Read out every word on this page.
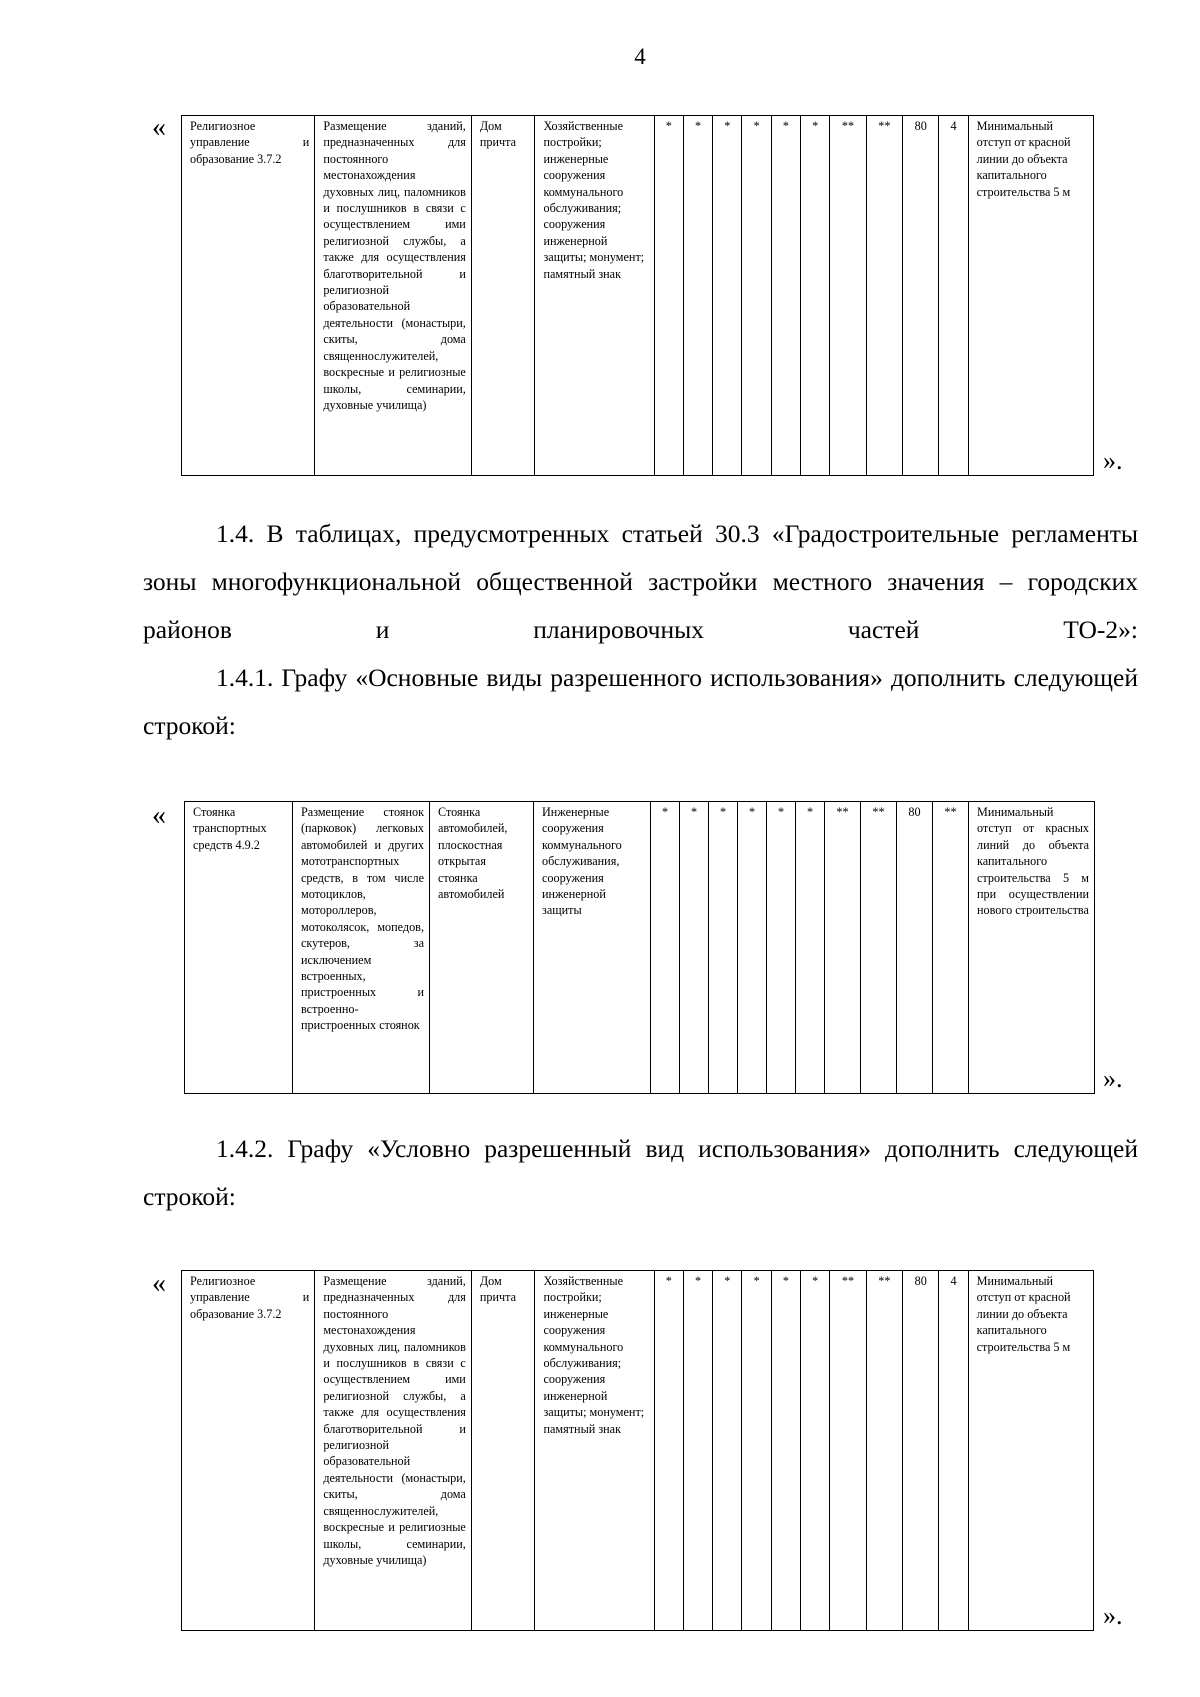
4
« Религиозное управление и образование 3.7.2	Размещение зданий, предназначенных для постоянного местонахождения духовных лиц, паломников и послушников в связи с осуществлением ими религиозной службы, а также для осуществления благотворительной и религиозной образовательной деятельности (монастыри, скиты, дома священнослужителей, воскресные и религиозные школы, семинарии, духовные училища)	Дом причта	Хозяйственные постройки; инженерные сооружения коммунального обслуживания; сооружения инженерной защиты; монумент; памятный знак	*	*	*	*	*	*	**	**	80	4	Минимальный отступ от красной линии до объекта капитального строительства 5 м
».

1.4. В таблицах, предусмотренных статьей 30.3 «Градостроительные регламенты зоны многофункциональной общественной застройки местного значения – городских районов и планировочных частей ТО-2»:

1.4.1. Графу «Основные виды разрешенного использования» дополнить следующей строкой:

« Стоянка транспортных средств 4.9.2	Размещение стоянок (парковок) легковых автомобилей и других мототранспортных средств, в том числе мотоциклов, мотороллеров, мотоколясок, мопедов, скутеров, за исключением встроенных, пристроенных и встроенно-пристроенных стоянок	Стоянка автомобилей, плоскостная открытая стоянка автомобилей	Инженерные сооружения коммунального обслуживания, сооружения инженерной защиты	*	*	*	*	*	*	**	**	80	**	Минимальный отступ от красных линий до объекта капитального строительства 5 м при осуществлении нового строительства
».

1.4.2. Графу «Условно разрешенный вид использования» дополнить следующей строкой:

« Религиозное управление и образование 3.7.2	Размещение зданий, предназначенных для постоянного местонахождения духовных лиц, паломников и послушников в связи с осуществлением ими религиозной службы, а также для осуществления благотворительной и религиозной образовательной деятельности (монастыри, скиты, дома священнослужителей, воскресные и религиозные школы, семинарии, духовные училища)	Дом причта	Хозяйственные постройки; инженерные сооружения коммунального обслуживания; сооружения инженерной защиты; монумент; памятный знак	*	*	*	*	*	*	**	**	80	4	Минимальный отступ от красной линии до объекта капитального строительства 5 м
».
